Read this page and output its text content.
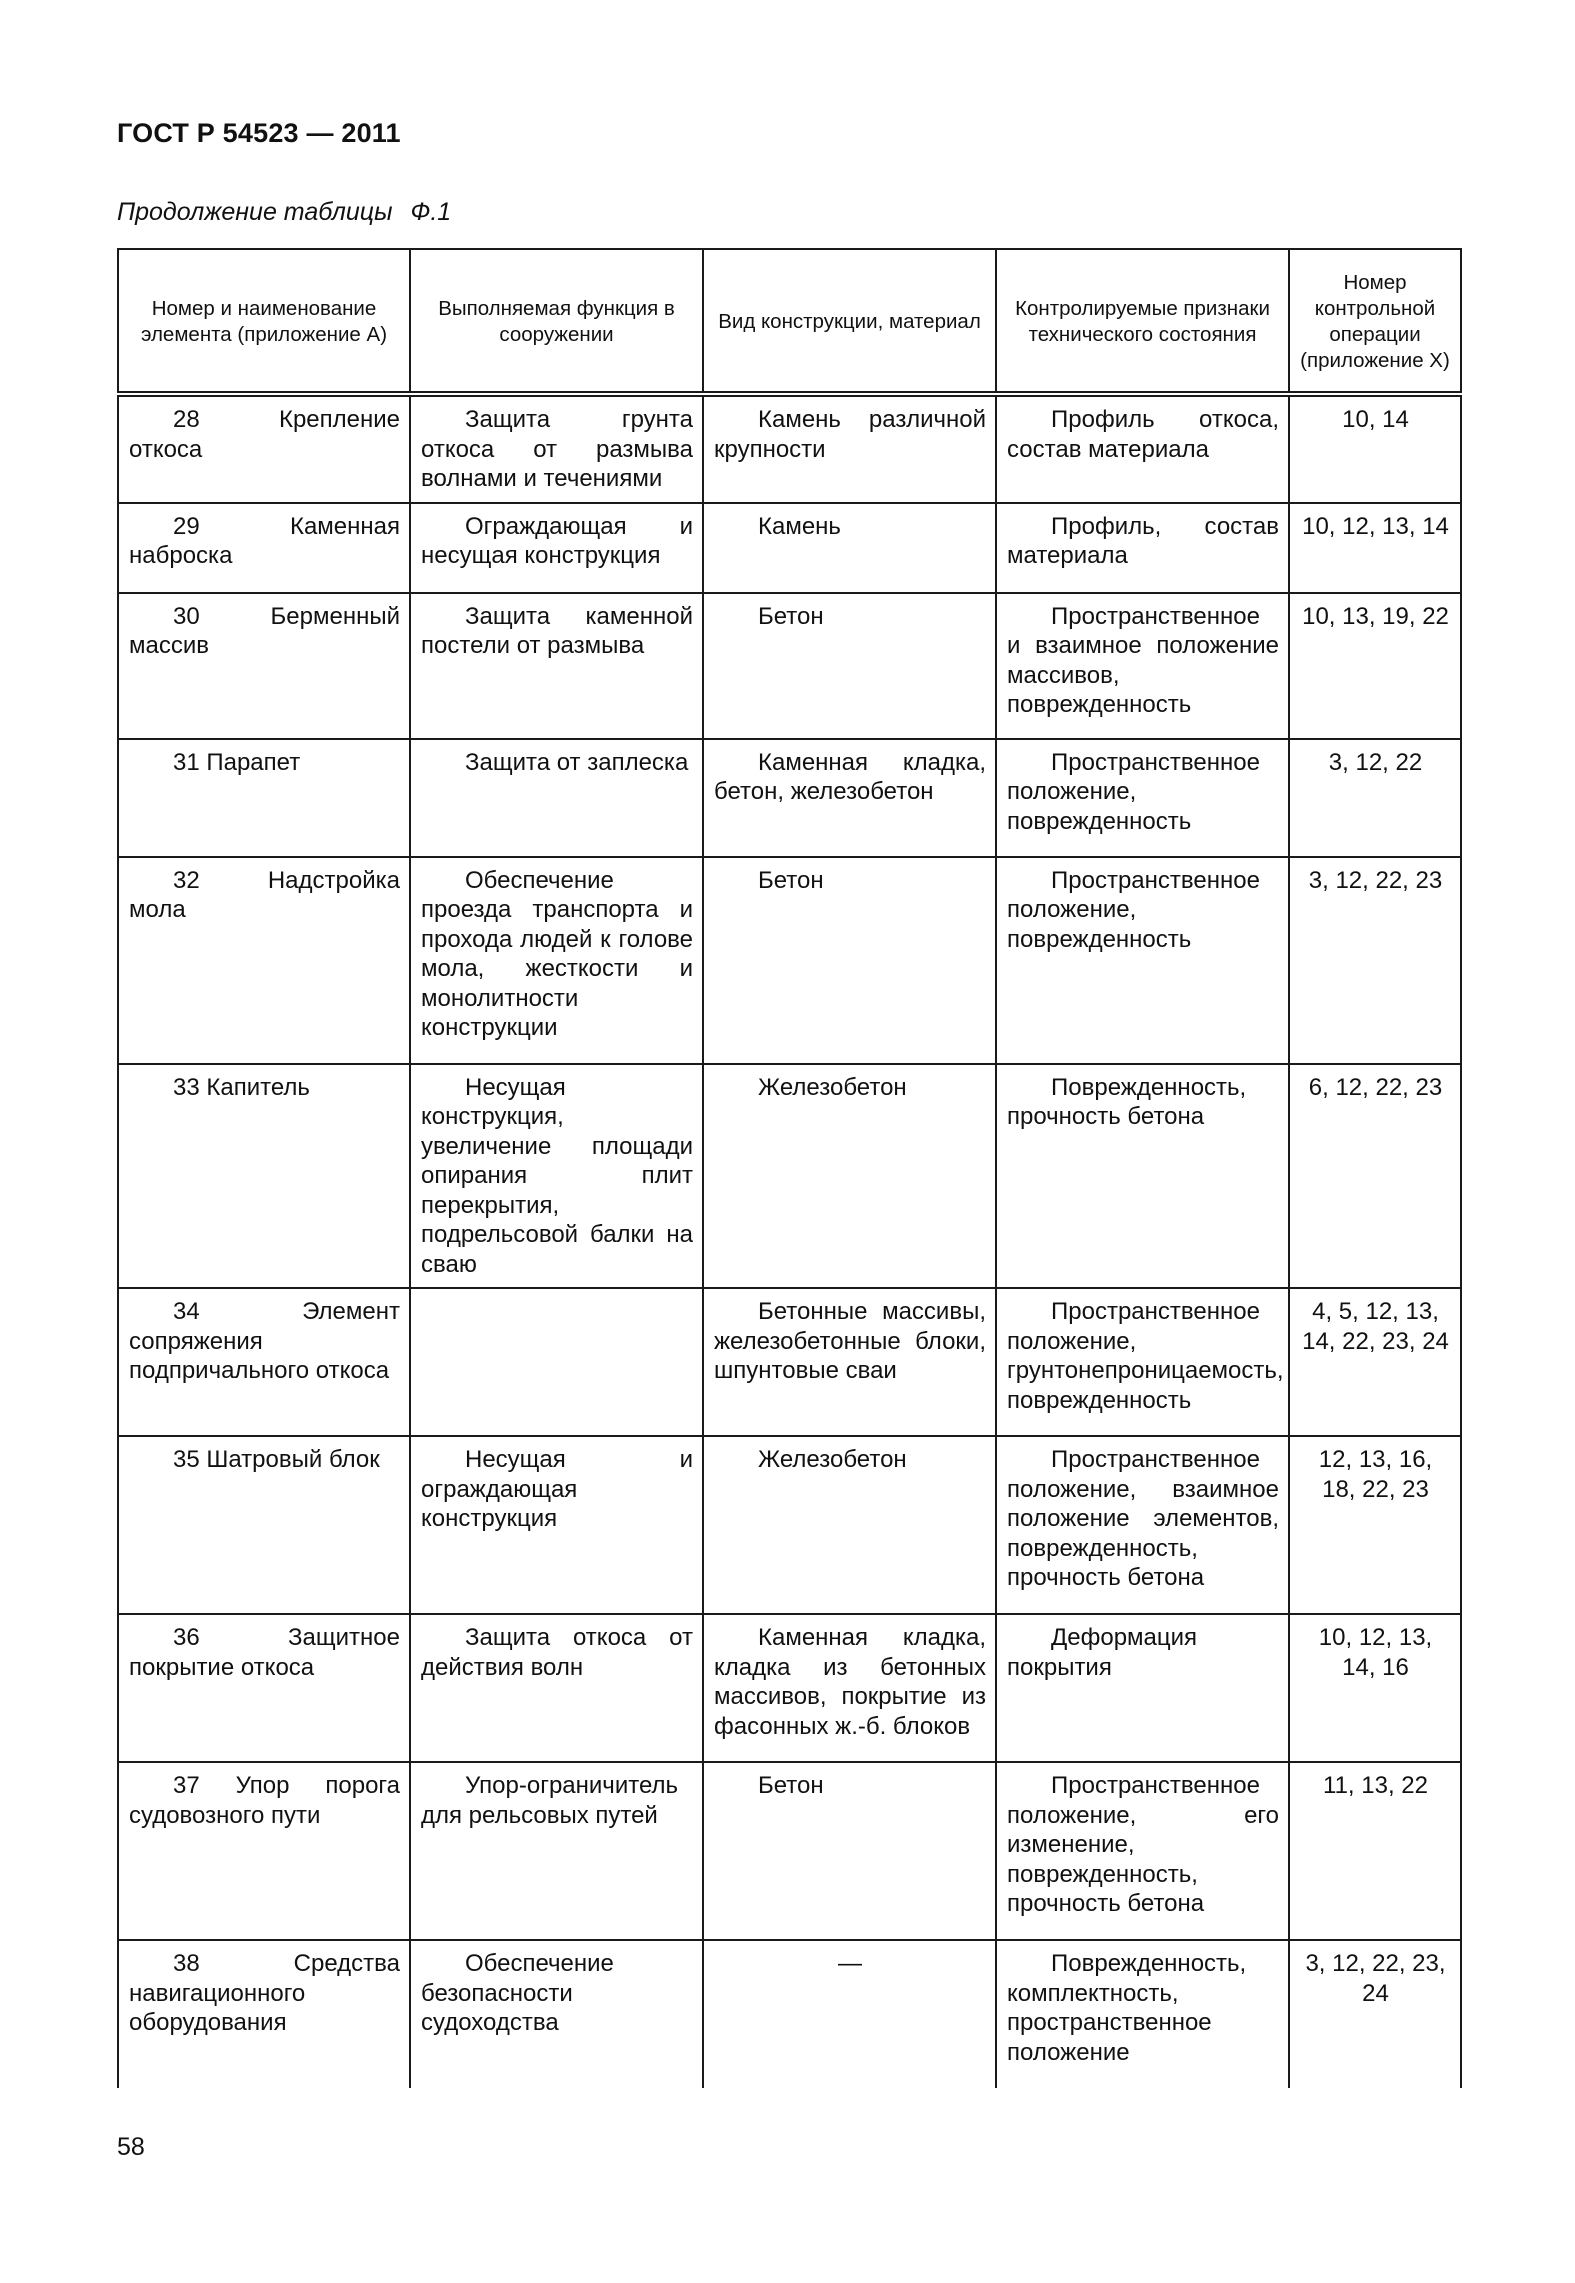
ГОСТ Р 54523 — 2011
Продолжение таблицы Ф.1
Номер и наименование элемента (приложение А)	Выполняемая функция в сооружении	Вид конструкции, материал	Контролируемые признаки технического состояния	Номер контрольной операции (приложение Х)

28 Крепление откоса	Защита грунта откоса от размыва волнами и течениями	Камень различной крупности	Профиль откоса, состав материала	10, 14

29 Каменная наброска	Ограждающая и несущая конструкция	Камень	Профиль, состав материала	10, 12, 13, 14

30 Берменный массив	Защита каменной постели от размыва	Бетон	Пространственное и взаимное положение массивов, поврежденность	10, 13, 19, 22

31 Парапет	Защита от заплеска	Каменная кладка, бетон, железобетон	Пространственное положение, поврежденность	3, 12, 22

32 Надстройка мола	Обеспечение проезда транспорта и прохода людей к голове мола, жесткости и монолитности конструкции	Бетон	Пространственное положение, поврежденность	3, 12, 22, 23

33 Капитель	Несущая конструкция, увеличение площади опирания плит перекрытия, подрельсовой балки на сваю	Железобетон	Поврежденность, прочность бетона	6, 12, 22, 23

34 Элемент сопряжения подпричального откоса		Бетонные массивы, железобетонные блоки, шпунтовые сваи	Пространственное положение, грунтонепроницаемость, поврежденность	4, 5, 12, 13, 14, 22, 23, 24

35 Шатровый блок	Несущая и ограждающая конструкция	Железобетон	Пространственное положение, взаимное положение элементов, поврежденность, прочность бетона	12, 13, 16, 18, 22, 23

36 Защитное покрытие откоса	Защита откоса от действия волн	Каменная кладка, кладка из бетонных массивов, покрытие из фасонных ж.-б. блоков	Деформация покрытия	10, 12, 13, 14, 16

37 Упор порога судовозного пути	Упор-ограничитель для рельсовых путей	Бетон	Пространственное положение, его изменение, поврежденность, прочность бетона	11, 13, 22

38 Средства навигационного оборудования	Обеспечение безопасности судоходства	—	Поврежденность, комплектность, пространственное положение	3, 12, 22, 23, 24
58
